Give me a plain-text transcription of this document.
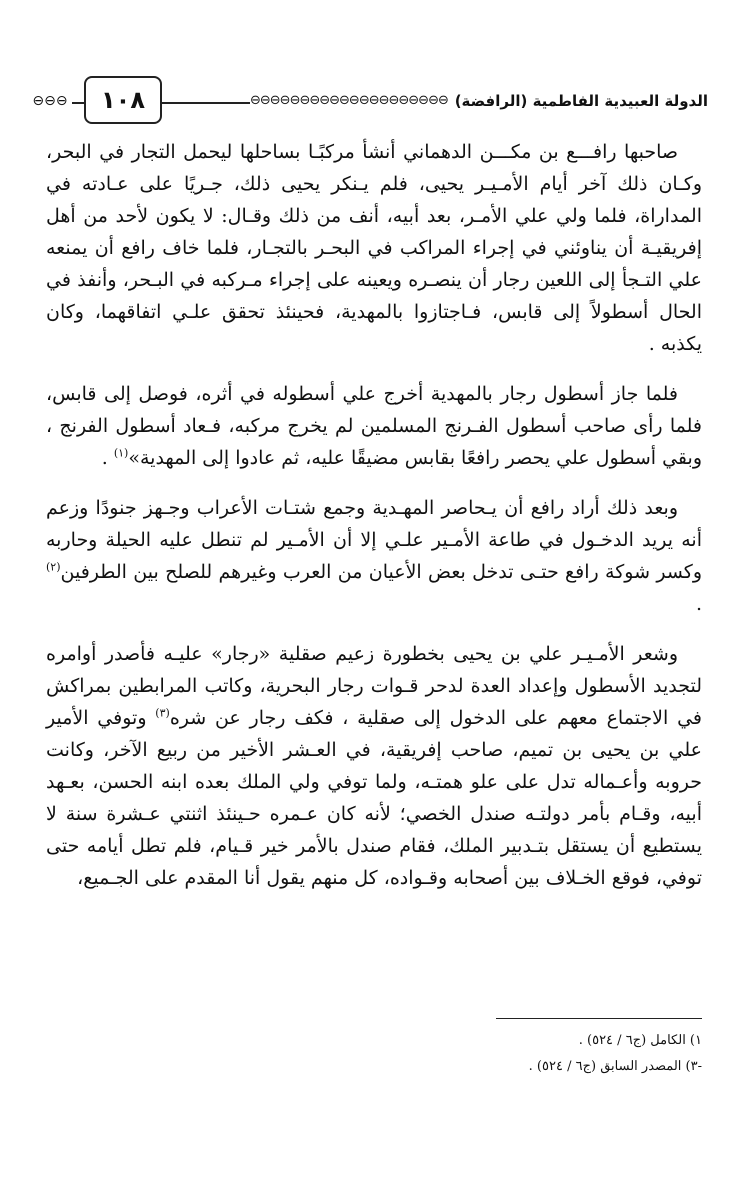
⊖⊖⊖	١٠٨	⊖⊖⊖⊖⊖⊖⊖⊖⊖⊖⊖⊖⊖⊖⊖⊖⊖⊖⊖⊖ الدولة العبيدية الفاطمية (الرافضة)

صاحبها رافـــع بن مكـــن الدهماني أنشأ مركبًـا بساحلها ليحمل التجار في البحر، وكـان ذلك آخر أيام الأمـيـر يحيى، فلم يـنكر يحيى ذلك، جـريًا على عـادته في المداراة، فلما ولي علي الأمـر، بعد أبيه، أنف من ذلك وقـال: لا يكون لأحد من أهل إفريقيـة أن يناوئني في إجراء المراكب في البحـر بالتجـار، فلما خاف رافع أن يمنعه علي التـجأ إلى اللعين رجار أن ينصـره ويعينه على إجراء مـركبه في البـحر، وأنفذ في الحال أسطولاً إلى قابس، فـاجتازوا بالمهدية، فحينئذ تحقق علـي اتفاقهما، وكان يكذبه .

فلما جاز أسطول رجار بالمهدية أخرج علي أسطوله في أثره، فوصل إلى قابس، فلما رأى صاحب أسطول الفـرنج المسلمين لم يخرج مركبه، فـعاد أسطول الفرنج ، وبقي أسطول علي يحصر رافعًا بقابس مضيقًا عليه، ثم عادوا إلى المهدية»$^{(١)}$ .

وبعد ذلك أراد رافع أن يـحاصر المهـدية وجمع شتـات الأعراب وجـهز جنودًا وزعم أنه يريد الدخـول في طاعة الأمـير علـي إلا أن الأمـير لم تنطل عليه الحيلة وحاربه وكسر شوكة رافع حتـى تدخل بعض الأعيان من العرب وغيرهم للصلح بين الطرفين$^{(٢)}$ .

وشعر الأمـيـر علي بن يحيى بخطورة زعيم صقلية «رجار» عليـه فأصدر أوامره لتجديد الأسطول وإعداد العدة لدحر قـوات رجار البحرية، وكاتب المرابطين بمراكش في الاجتماع معهم على الدخول إلى صقلية ، فكف رجار عن شره$^{(٣)}$ وتوفي الأمير علي بن يحيى بن تميم، صاحب إفريقية، في العـشر الأخير من ربيع الآخر، وكانت حروبه وأعـماله تدل على علو همتـه، ولما توفي ولي الملك بعده ابنه الحسن، بعـهد أبيه، وقـام بأمر دولتـه صندل الخصي؛ لأنه كان عـمره حـينئذ اثنتي عـشرة سنة لا يستطيع أن يستقل بتـدبير الملك، فقام صندل بالأمر خير قـيام، فلم تطل أيامه حتى توفي، فوقع الخـلاف بين أصحابه وقـواده، كل منهم يقول أنا المقدم على الجـميع،

١) الكامل (ج٦ / ٥٢٤) .
-٣) المصدر السابق (ج٦ / ٥٢٤) .
